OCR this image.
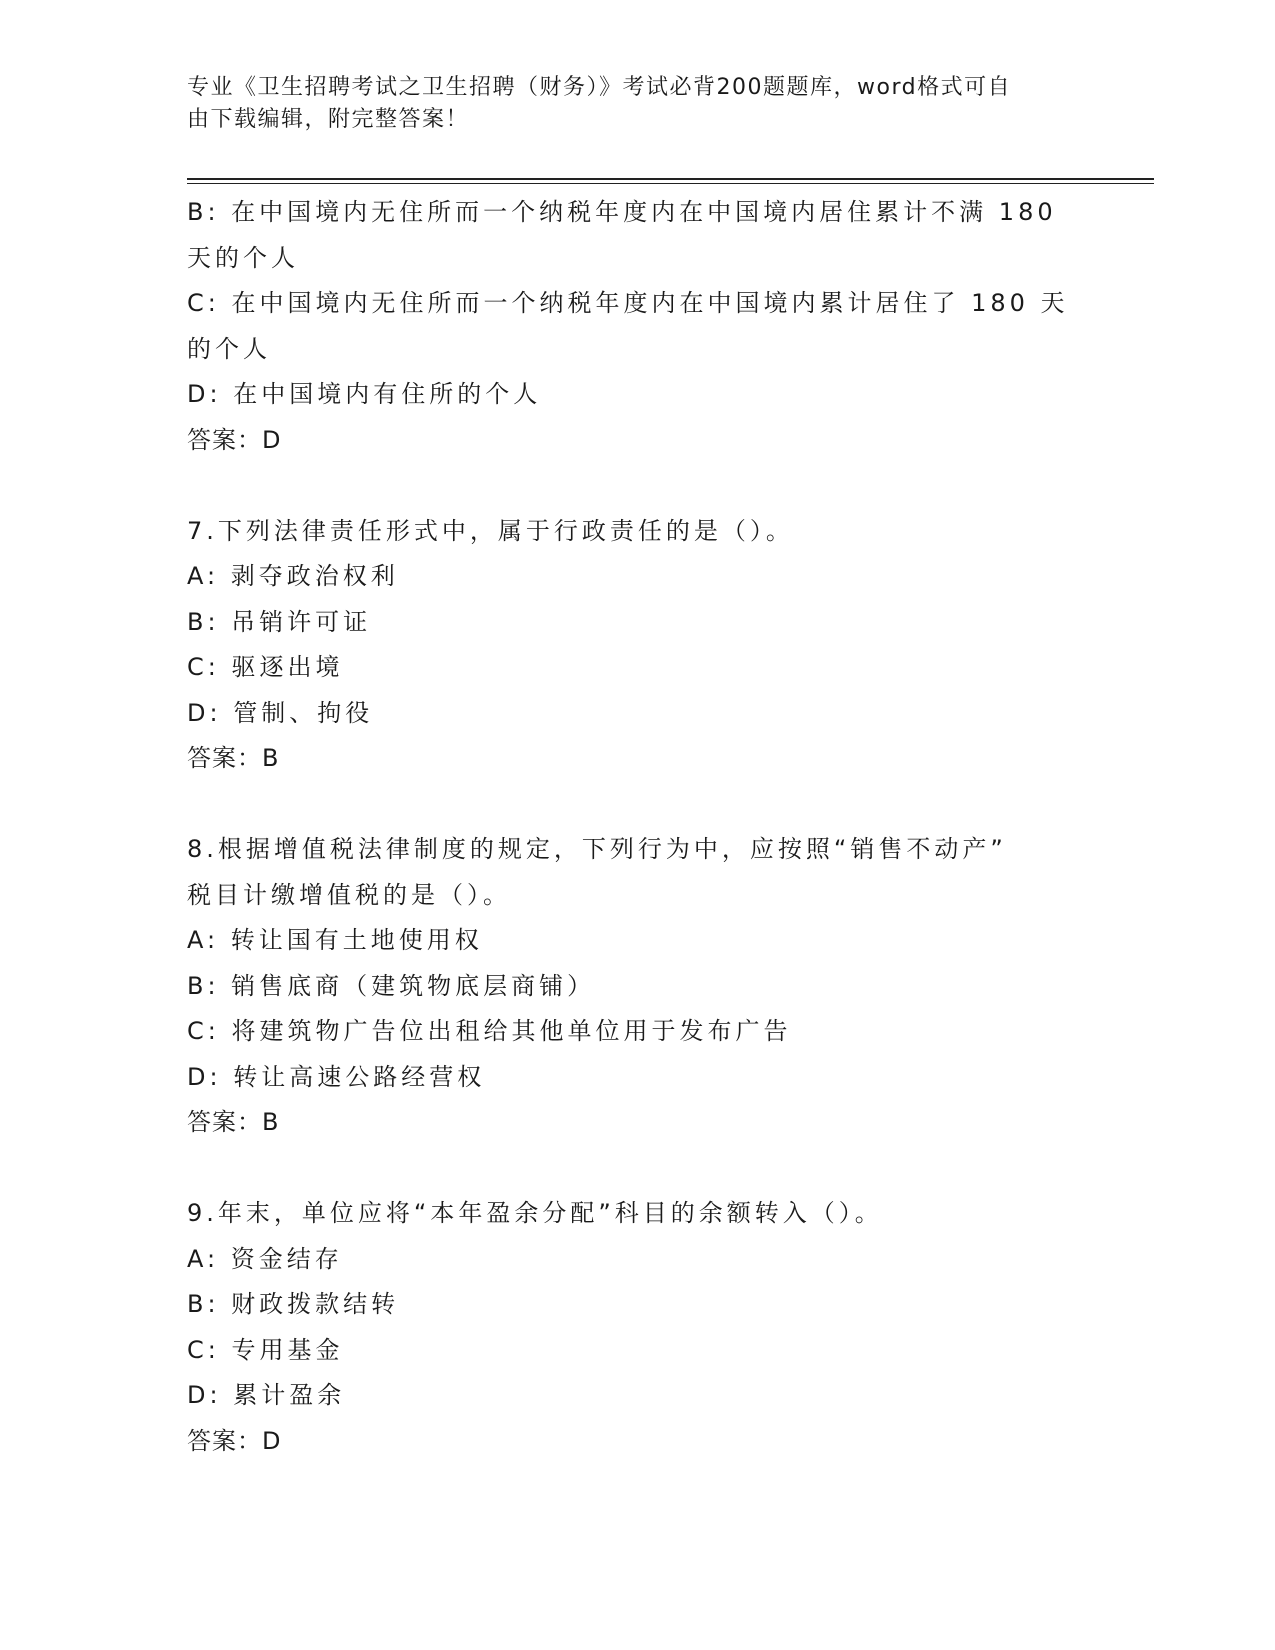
专业《卫生招聘考试之卫生招聘（财务）》考试必背200题题库，word格式可自
由下载编辑，附完整答案！
B: 在中国境内无住所而一个纳税年度内在中国境内居住累计不满 180
天的个人
C: 在中国境内无住所而一个纳税年度内在中国境内累计居住了 180 天
的个人
D: 在中国境内有住所的个人
答案：D
7.下列法律责任形式中，属于行政责任的是（）。
A: 剥夺政治权利
B: 吊销许可证
C: 驱逐出境
D: 管制、拘役
答案：B
8.根据增值税法律制度的规定，下列行为中，应按照“销售不动产”
税目计缴增值税的是（）。
A: 转让国有土地使用权
B: 销售底商（建筑物底层商铺）
C: 将建筑物广告位出租给其他单位用于发布广告
D: 转让高速公路经营权
答案：B
9.年末，单位应将“本年盈余分配”科目的余额转入（）。
A: 资金结存
B: 财政拨款结转
C: 专用基金
D: 累计盈余
答案：D
